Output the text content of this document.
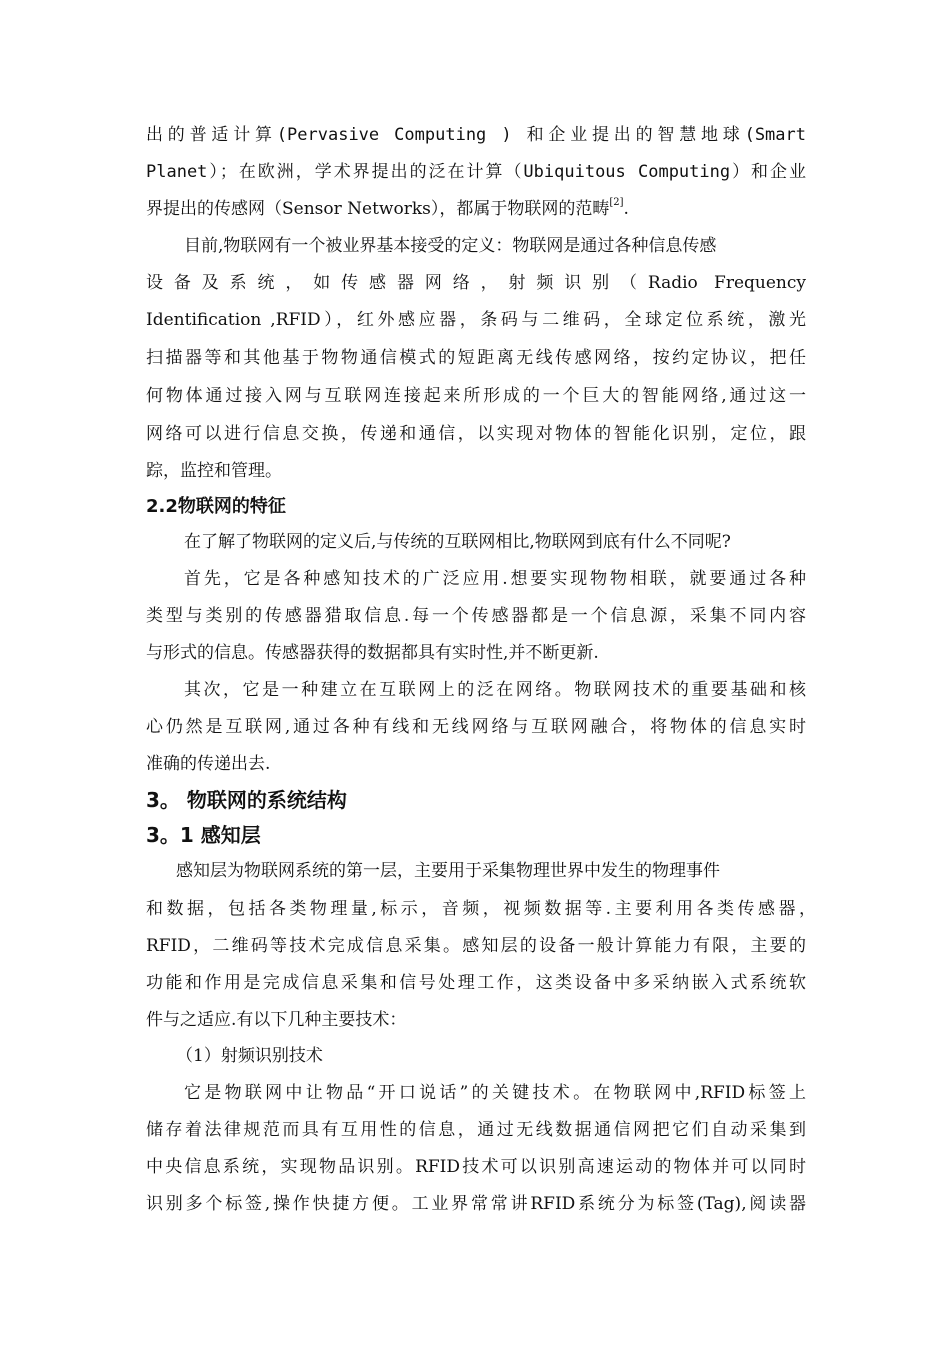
出的普适计算(Pervasive Computing ) 和企业提出的智慧地球(Smart

Planet）；在欧洲，学术界提出的泛在计算（Ubiquitous Computing）和企业

界提出的传感网（Sensor Networks），都属于物联网的范畴[2].

目前,物联网有一个被业界基本接受的定义：物联网是通过各种信息传感

设备及系统，如传感器网络，射频识别（Radio Frequency

Identification ,RFID），红外感应器，条码与二维码，全球定位系统，激光

扫描器等和其他基于物物通信模式的短距离无线传感网络，按约定协议，把任

何物体通过接入网与互联网连接起来所形成的一个巨大的智能网络,通过这一

网络可以进行信息交换，传递和通信，以实现对物体的智能化识别，定位，跟

踪，监控和管理。

2.2物联网的特征

在了解了物联网的定义后,与传统的互联网相比,物联网到底有什么不同呢?

首先，它是各种感知技术的广泛应用.想要实现物物相联，就要通过各种

类型与类别的传感器猎取信息.每一个传感器都是一个信息源，采集不同内容

与形式的信息。传感器获得的数据都具有实时性,并不断更新.

其次，它是一种建立在互联网上的泛在网络。物联网技术的重要基础和核

心仍然是互联网,通过各种有线和无线网络与互联网融合，将物体的信息实时

准确的传递出去.

3。 物联网的系统结构

3。1 感知层

感知层为物联网系统的第一层，主要用于采集物理世界中发生的物理事件

和数据，包括各类物理量,标示，音频，视频数据等.主要利用各类传感器，

RFID，二维码等技术完成信息采集。感知层的设备一般计算能力有限，主要的

功能和作用是完成信息采集和信号处理工作，这类设备中多采纳嵌入式系统软

件与之适应.有以下几种主要技术：

（1）射频识别技术

它是物联网中让物品“开口说话”的关键技术。在物联网中,RFID标签上

储存着法律规范而具有互用性的信息，通过无线数据通信网把它们自动采集到

中央信息系统，实现物品识别。RFID技术可以识别高速运动的物体并可以同时

识别多个标签,操作快捷方便。工业界常常讲RFID系统分为标签(Tag),阅读器
